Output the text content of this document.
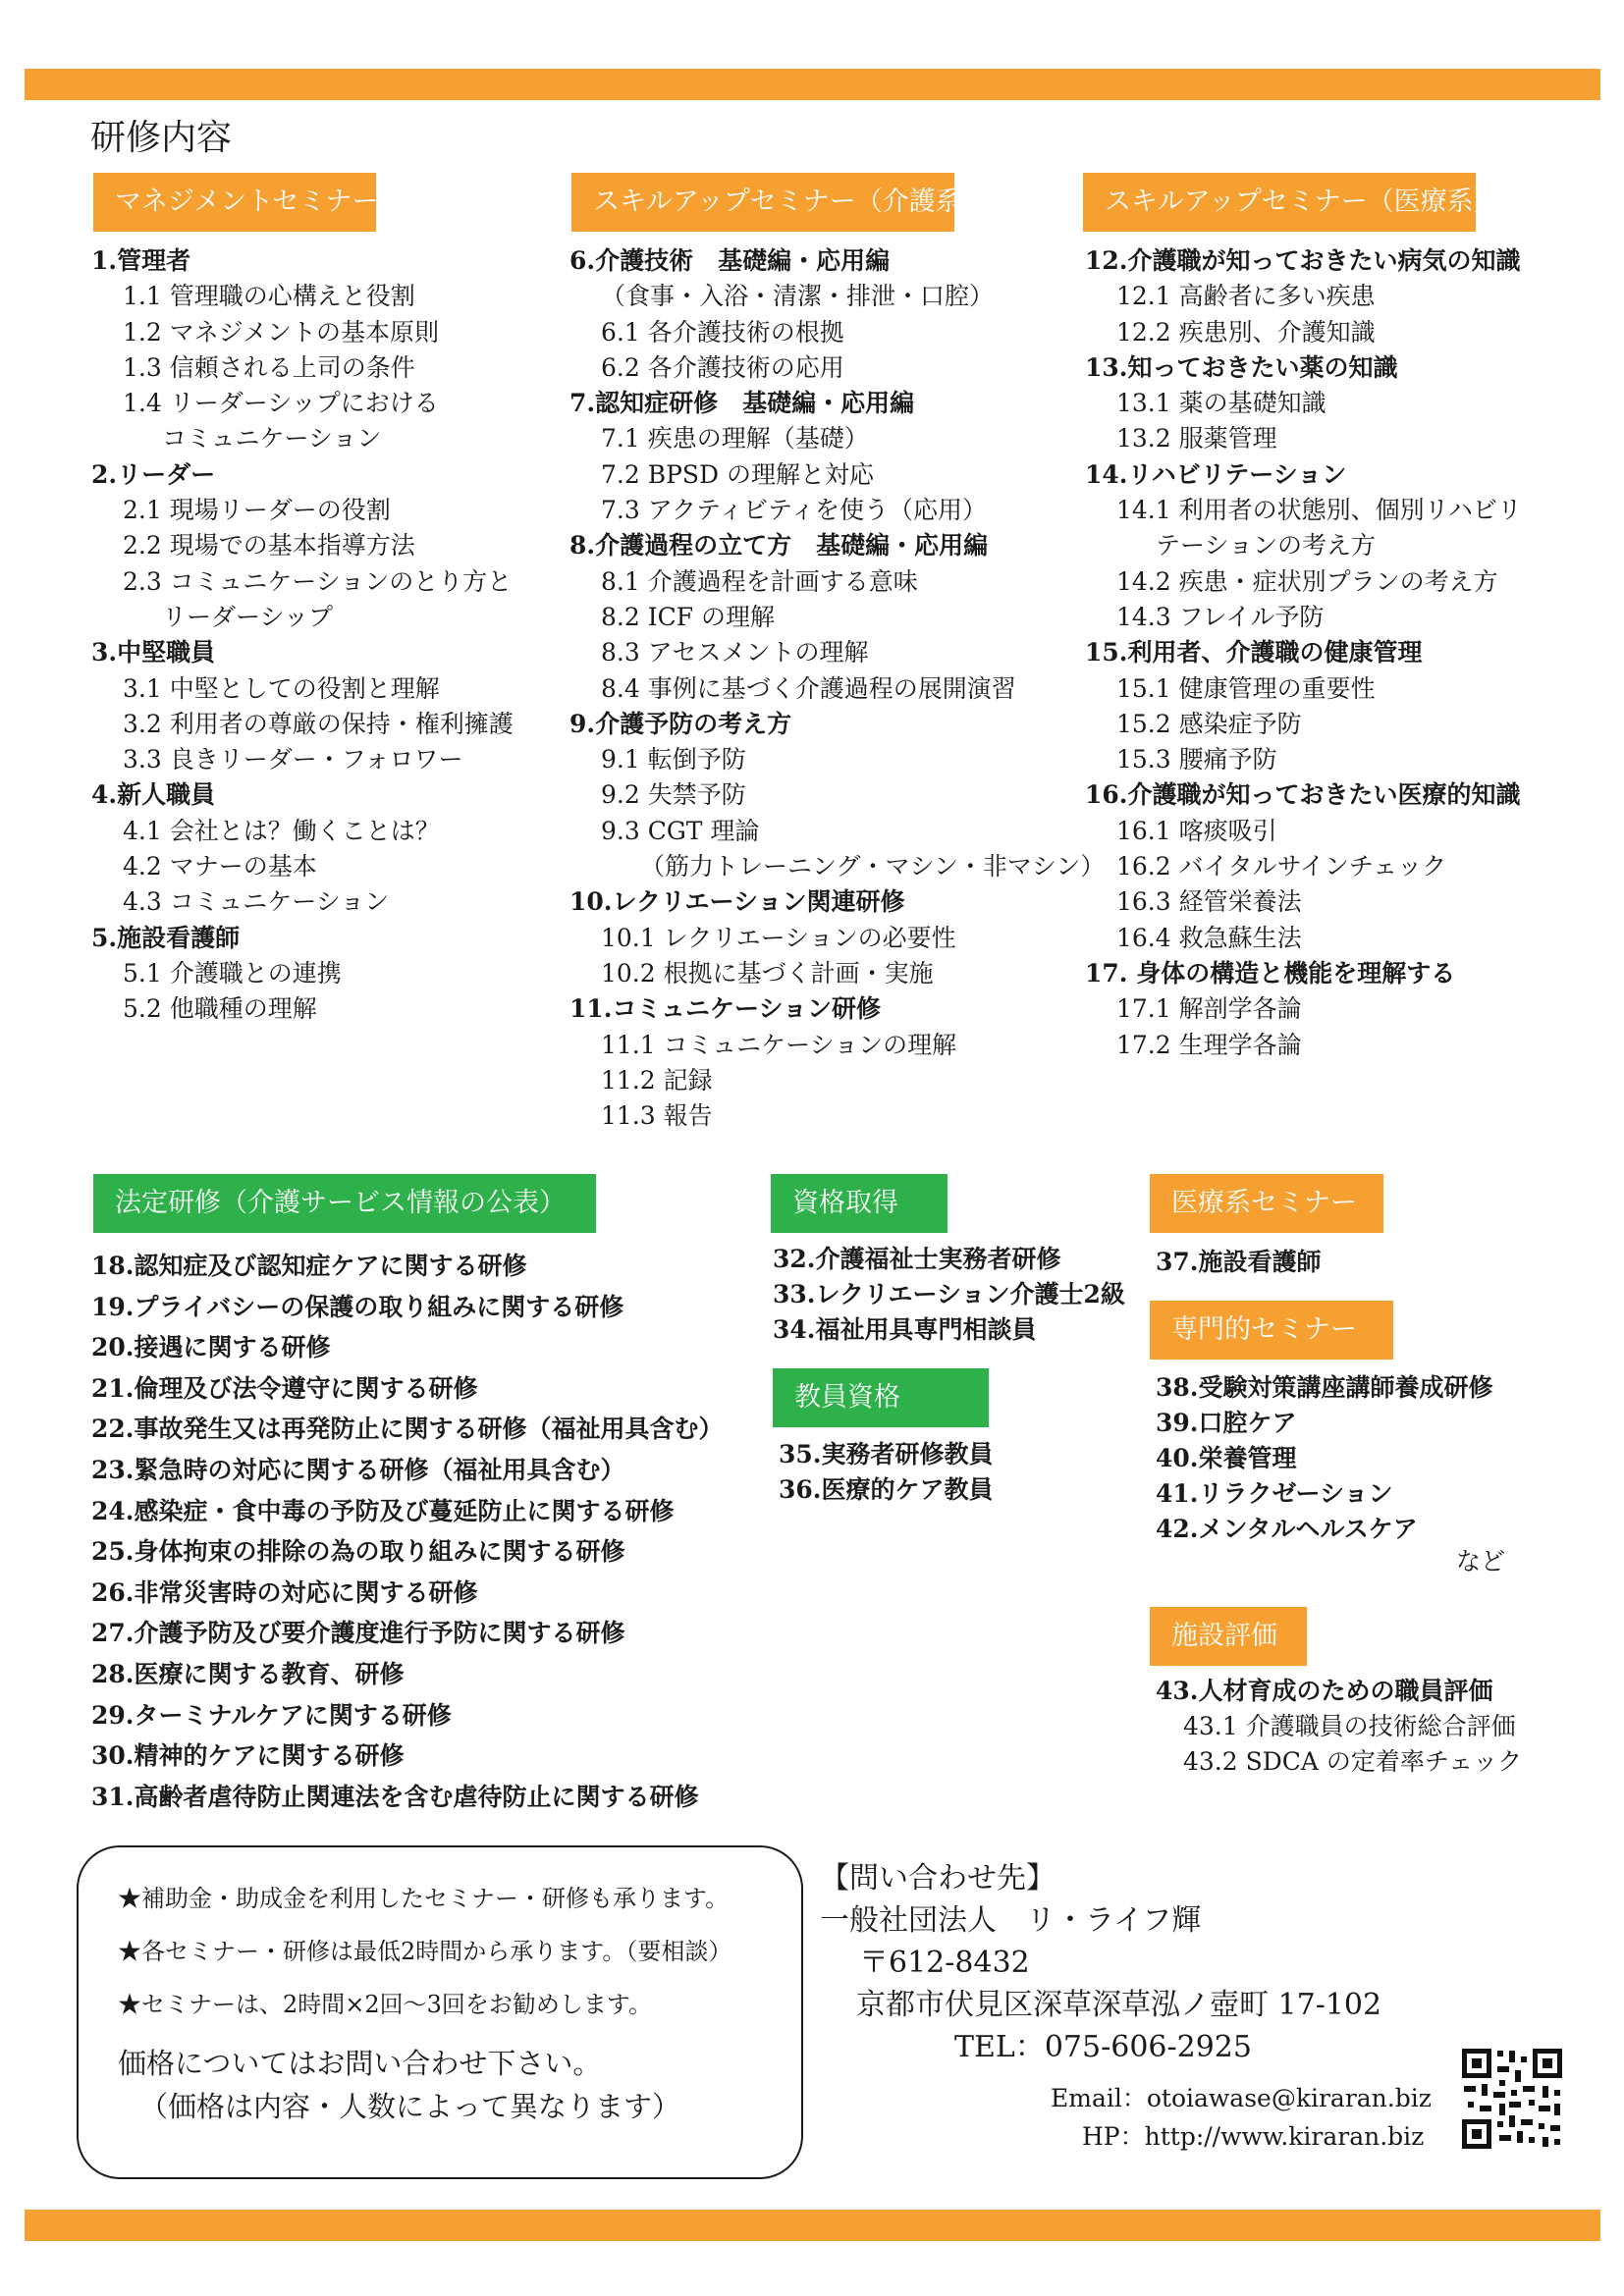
研修内容
マネジメントセミナー	スキルアップセミナー（介護系）	スキルアップセミナー（医療系）
1.管理者
1.1 管理職の心構えと役割
1.2 マネジメントの基本原則
1.3 信頼される上司の条件
1.4 リーダーシップにおける
コミュニケーション
2.リーダー
2.1 現場リーダーの役割
2.2 現場での基本指導方法
2.3 コミュニケーションのとり方と
リーダーシップ
3.中堅職員
3.1 中堅としての役割と理解
3.2 利用者の尊厳の保持・権利擁護
3.3 良きリーダー・フォロワー
4.新人職員
4.1 会社とは？働くことは？
4.2 マナーの基本
4.3 コミュニケーション
5.施設看護師
5.1 介護職との連携
5.2 他職種の理解
6.介護技術　基礎編・応用編
（食事・入浴・清潔・排泄・口腔）
6.1 各介護技術の根拠
6.2 各介護技術の応用
7.認知症研修　基礎編・応用編
7.1 疾患の理解（基礎）
7.2 BPSD の理解と対応
7.3 アクティビティを使う（応用）
8.介護過程の立て方　基礎編・応用編
8.1 介護過程を計画する意味
8.2 ICF の理解
8.3 アセスメントの理解
8.4 事例に基づく介護過程の展開演習
9.介護予防の考え方
9.1 転倒予防
9.2 失禁予防
9.3 CGT 理論
（筋力トレーニング・マシン・非マシン）
10.レクリエーション関連研修
10.1 レクリエーションの必要性
10.2 根拠に基づく計画・実施
11.コミュニケーション研修
11.1 コミュニケーションの理解
11.2 記録
11.3 報告
12.介護職が知っておきたい病気の知識
12.1 高齢者に多い疾患
12.2 疾患別、介護知識
13.知っておきたい薬の知識
13.1 薬の基礎知識
13.2 服薬管理
14.リハビリテーション
14.1 利用者の状態別、個別リハビリ
テーションの考え方
14.2 疾患・症状別プランの考え方
14.3 フレイル予防
15.利用者、介護職の健康管理
15.1 健康管理の重要性
15.2 感染症予防
15.3 腰痛予防
16.介護職が知っておきたい医療的知識
16.1 喀痰吸引
16.2 バイタルサインチェック
16.3 経管栄養法
16.4 救急蘇生法
17. 身体の構造と機能を理解する
17.1 解剖学各論
17.2 生理学各論
法定研修（介護サービス情報の公表）
18.認知症及び認知症ケアに関する研修
19.プライバシーの保護の取り組みに関する研修
20.接遇に関する研修
21.倫理及び法令遵守に関する研修
22.事故発生又は再発防止に関する研修（福祉用具含む）
23.緊急時の対応に関する研修（福祉用具含む）
24.感染症・食中毒の予防及び蔓延防止に関する研修
25.身体拘束の排除の為の取り組みに関する研修
26.非常災害時の対応に関する研修
27.介護予防及び要介護度進行予防に関する研修
28.医療に関する教育、研修
29.ターミナルケアに関する研修
30.精神的ケアに関する研修
31.高齢者虐待防止関連法を含む虐待防止に関する研修
資格取得
32.介護福祉士実務者研修
33.レクリエーション介護士2級
34.福祉用具専門相談員
教員資格
35.実務者研修教員
36.医療的ケア教員
医療系セミナー
37.施設看護師
専門的セミナー
38.受験対策講座講師養成研修
39.口腔ケア
40.栄養管理
41.リラクゼーション
42.メンタルヘルスケア
など
施設評価
43.人材育成のための職員評価
43.1 介護職員の技術総合評価
43.2 SDCA の定着率チェック
★補助金・助成金を利用したセミナー・研修も承ります。
★各セミナー・研修は最低2時間から承ります。（要相談）
★セミナーは、2時間×2回～3回をお勧めします。
価格についてはお問い合わせ下さい。
（価格は内容・人数によって異なります）
【問い合わせ先】
一般社団法人　リ・ライフ輝
〒612-8432
京都市伏見区深草深草泓ノ壺町 17-102
TEL：075-606-2925
Email：otoiawase@kiraran.biz
HP：http://www.kiraran.biz
